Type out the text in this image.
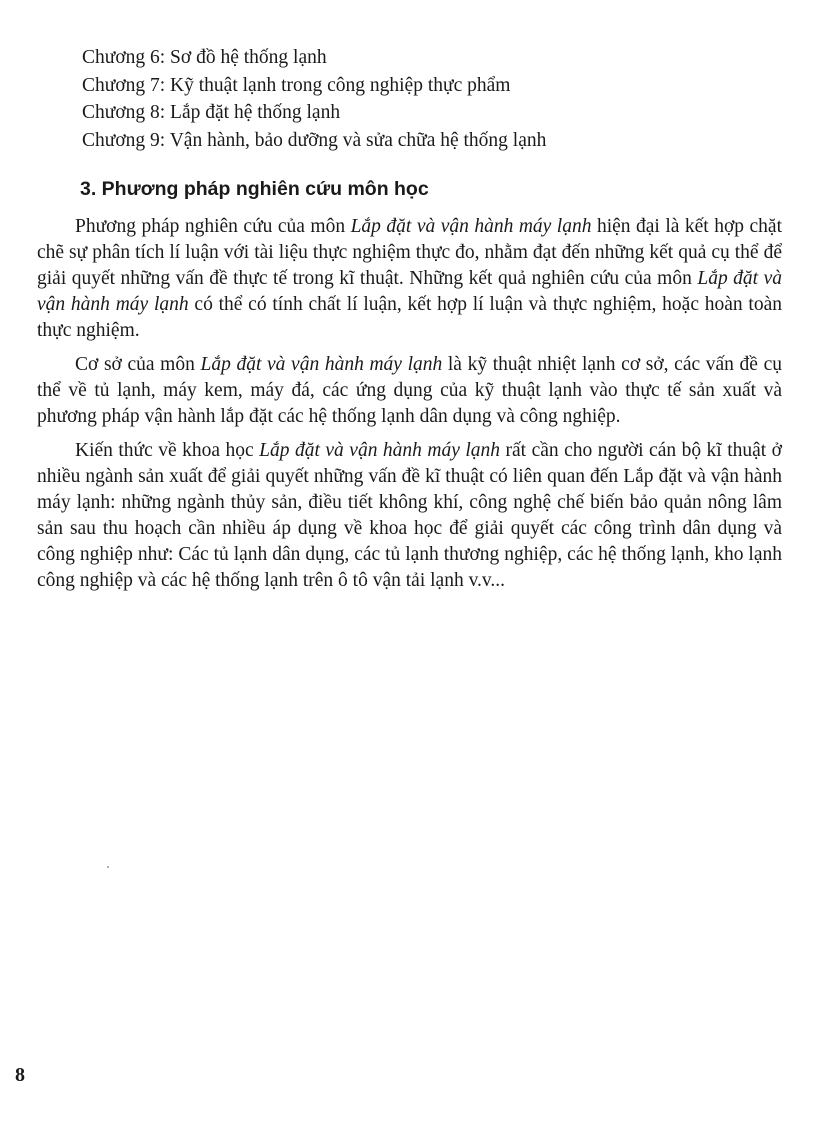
Chương 6: Sơ đồ hệ thống lạnh

Chương 7: Kỹ thuật lạnh trong công nghiệp thực phẩm

Chương 8: Lắp đặt hệ thống lạnh

Chương 9: Vận hành, bảo dưỡng và sửa chữa hệ thống lạnh

3. Phương pháp nghiên cứu môn học

Phương pháp nghiên cứu của môn Lắp đặt và vận hành máy lạnh hiện đại là kết hợp chặt chẽ sự phân tích lí luận với tài liệu thực nghiệm thực đo, nhằm đạt đến những kết quả cụ thể để giải quyết những vấn đề thực tế trong kĩ thuật. Những kết quả nghiên cứu của môn Lắp đặt và vận hành máy lạnh có thể có tính chất lí luận, kết hợp lí luận và thực nghiệm, hoặc hoàn toàn thực nghiệm.

Cơ sở của môn Lắp đặt và vận hành máy lạnh là kỹ thuật nhiệt lạnh cơ sở, các vấn đề cụ thể về tủ lạnh, máy kem, máy đá, các ứng dụng của kỹ thuật lạnh vào thực tế sản xuất và phương pháp vận hành lắp đặt các hệ thống lạnh dân dụng và công nghiệp.

Kiến thức về khoa học Lắp đặt và vận hành máy lạnh rất cần cho người cán bộ kĩ thuật ở nhiều ngành sản xuất để giải quyết những vấn đề kĩ thuật có liên quan đến Lắp đặt và vận hành máy lạnh: những ngành thủy sản, điều tiết không khí, công nghệ chế biến bảo quản nông lâm sản sau thu hoạch cần nhiều áp dụng về khoa học để giải quyết các công trình dân dụng và công nghiệp như: Các tủ lạnh dân dụng, các tủ lạnh thương nghiệp, các hệ thống lạnh, kho lạnh công nghiệp và các hệ thống lạnh trên ô tô vận tải lạnh v.v...

8
